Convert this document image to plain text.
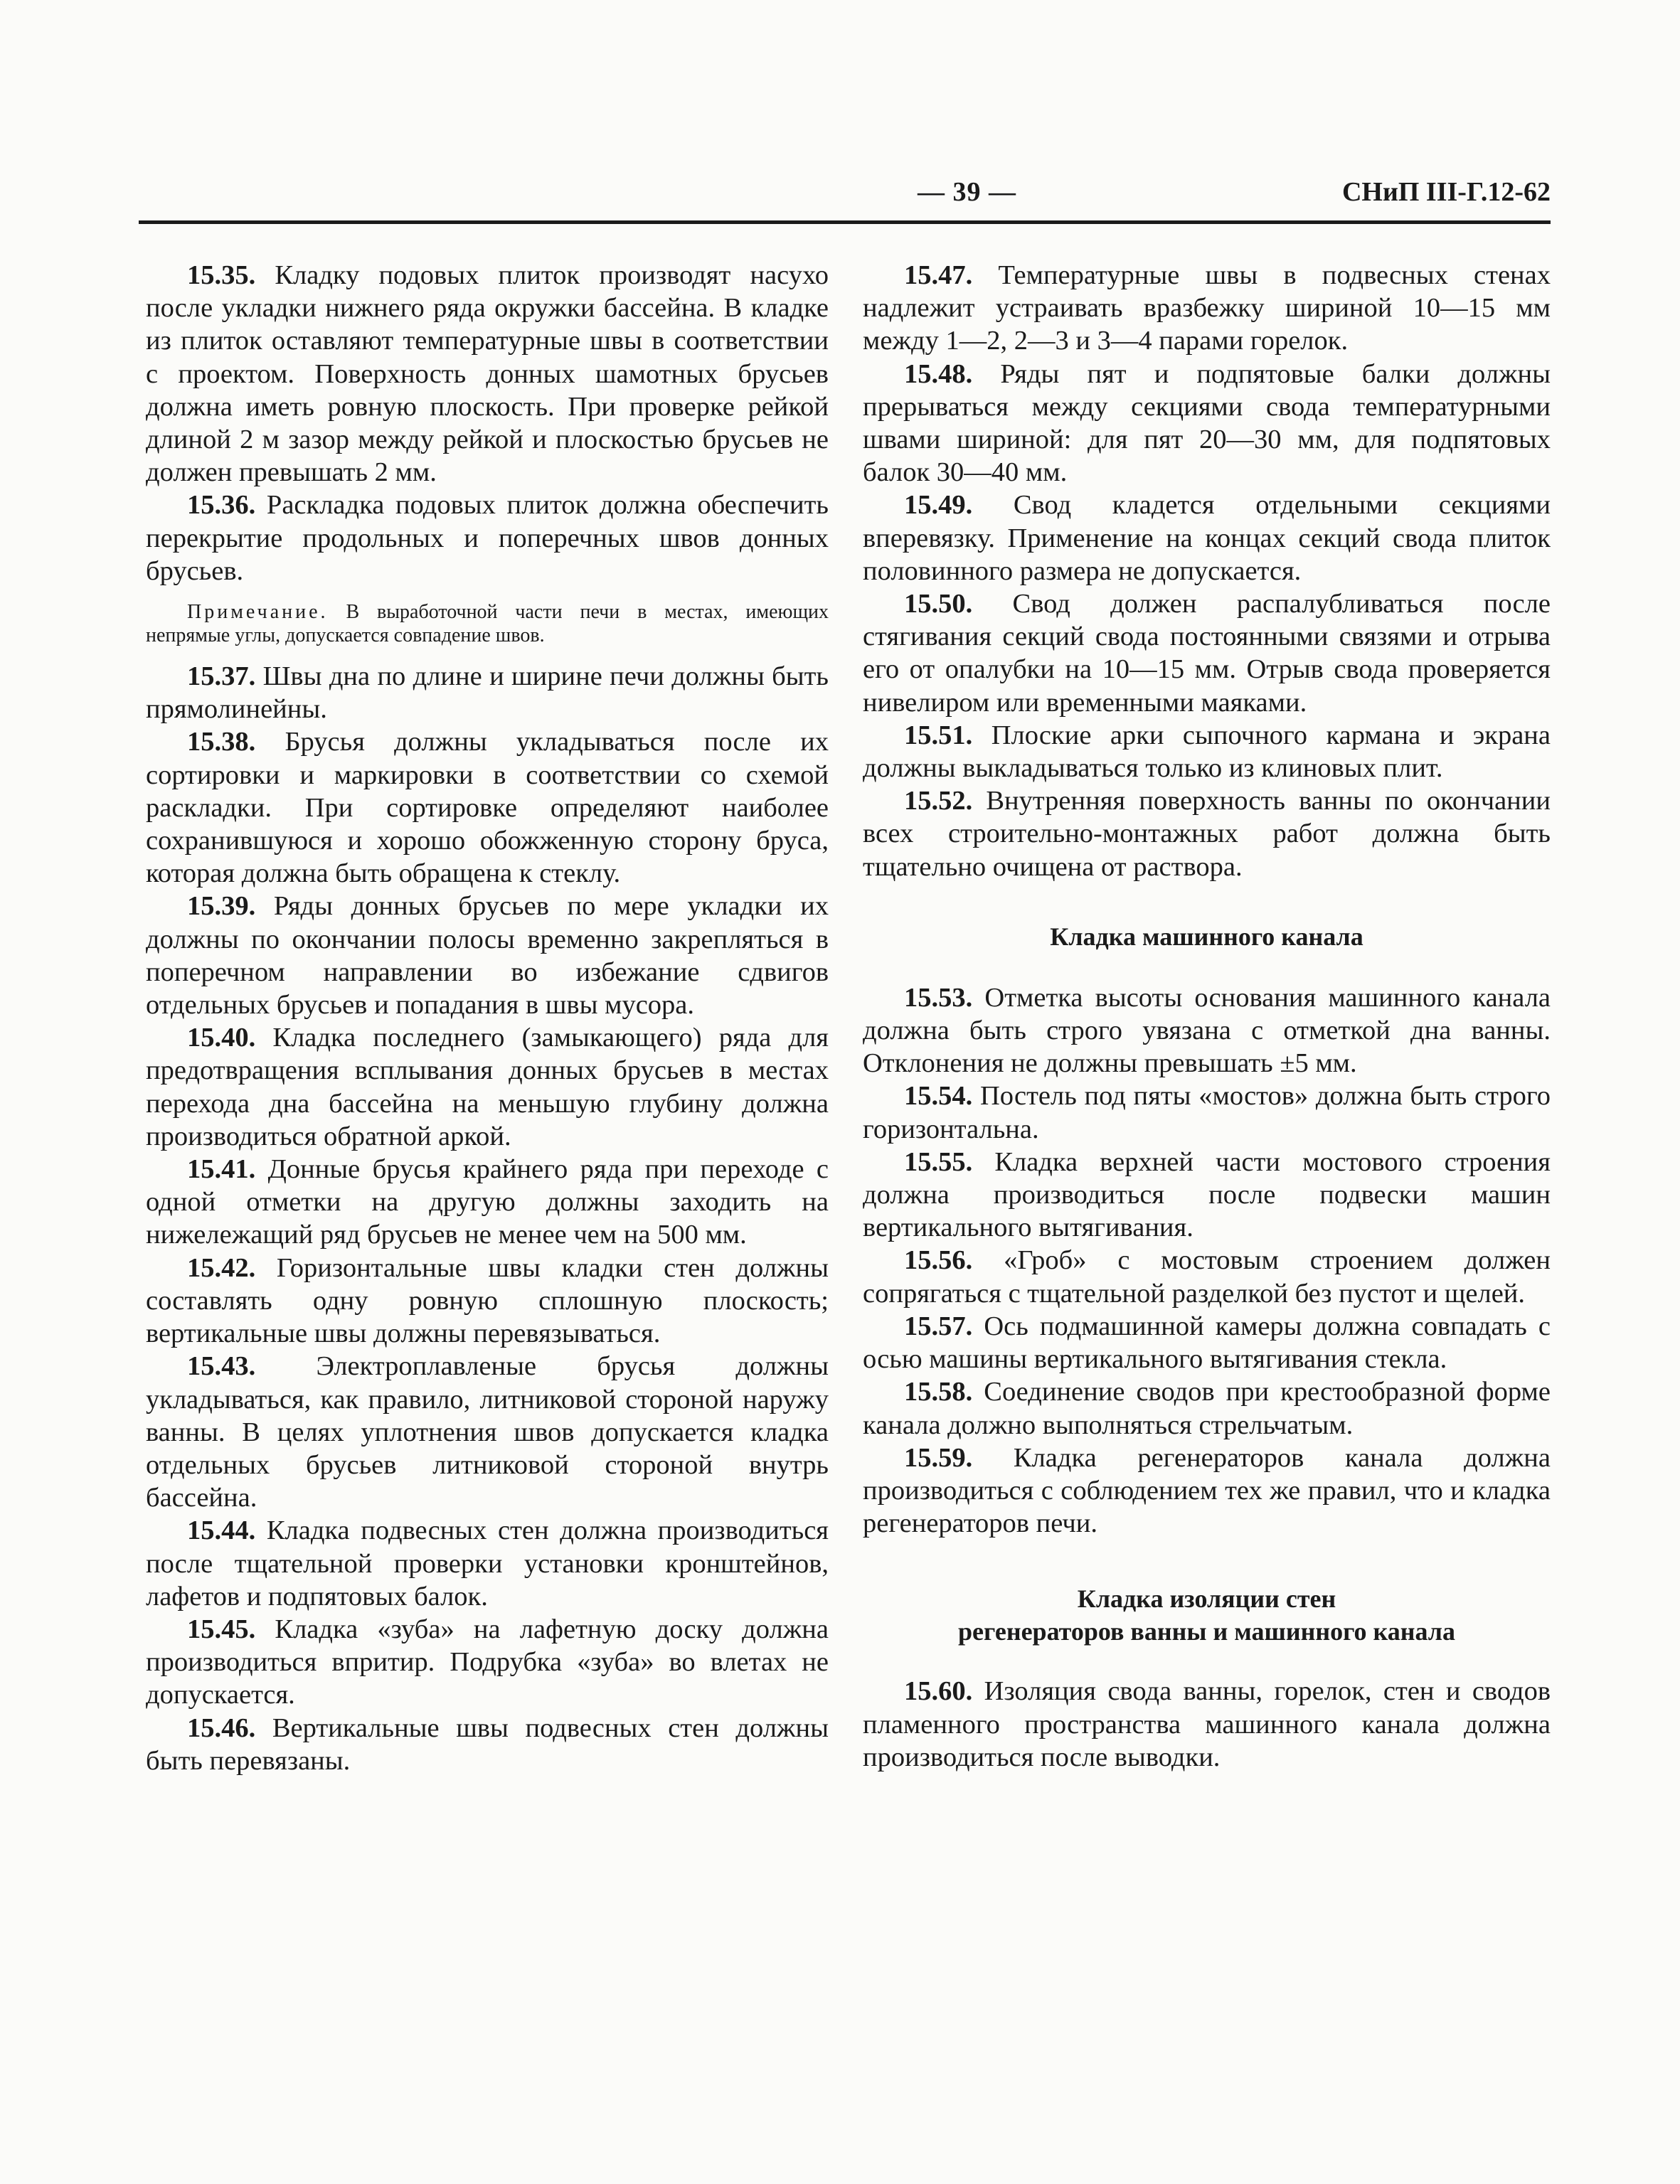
— 39 —	СНиП III-Г.12-62

15.35. Кладку подовых плиток производят насухо после укладки нижнего ряда окружки бассейна. В кладке из плиток оставляют температурные швы в соответствии с проектом. Поверхность донных шамотных брусьев должна иметь ровную плоскость. При проверке рейкой длиной 2 м зазор между рейкой и плоскостью брусьев не должен превышать 2 мм.

15.36. Раскладка подовых плиток должна обеспечить перекрытие продольных и поперечных швов донных брусьев.

Примечание. В выработочной части печи в местах, имеющих непрямые углы, допускается совпадение швов.

15.37. Швы дна по длине и ширине печи должны быть прямолинейны.

15.38. Брусья должны укладываться после их сортировки и маркировки в соответствии со схемой раскладки. При сортировке определяют наиболее сохранившуюся и хорошо обожженную сторону бруса, которая должна быть обращена к стеклу.

15.39. Ряды донных брусьев по мере укладки их должны по окончании полосы временно закрепляться в поперечном направлении во избежание сдвигов отдельных брусьев и попадания в швы мусора.

15.40. Кладка последнего (замыкающего) ряда для предотвращения всплывания донных брусьев в местах перехода дна бассейна на меньшую глубину должна производиться обратной аркой.

15.41. Донные брусья крайнего ряда при переходе с одной отметки на другую должны заходить на нижележащий ряд брусьев не менее чем на 500 мм.

15.42. Горизонтальные швы кладки стен должны составлять одну ровную сплошную плоскость; вертикальные швы должны перевязываться.

15.43. Электроплавленые брусья должны укладываться, как правило, литниковой стороной наружу ванны. В целях уплотнения швов допускается кладка отдельных брусьев литниковой стороной внутрь бассейна.

15.44. Кладка подвесных стен должна производиться после тщательной проверки установки кронштейнов, лафетов и подпятовых балок.

15.45. Кладка «зуба» на лафетную доску должна производиться впритир. Подрубка «зуба» во влетах не допускается.

15.46. Вертикальные швы подвесных стен должны быть перевязаны.

15.47. Температурные швы в подвесных стенах надлежит устраивать вразбежку шириной 10—15 мм между 1—2, 2—3 и 3—4 парами горелок.

15.48. Ряды пят и подпятовые балки должны прерываться между секциями свода температурными швами шириной: для пят 20—30 мм, для подпятовых балок 30—40 мм.

15.49. Свод кладется отдельными секциями вперевязку. Применение на концах секций свода плиток половинного размера не допускается.

15.50. Свод должен распалубливаться после стягивания секций свода постоянными связями и отрыва его от опалубки на 10—15 мм. Отрыв свода проверяется нивелиром или временными маяками.

15.51. Плоские арки сыпочного кармана и экрана должны выкладываться только из клиновых плит.

15.52. Внутренняя поверхность ванны по окончании всех строительно-монтажных работ должна быть тщательно очищена от раствора.

Кладка машинного канала

15.53. Отметка высоты основания машинного канала должна быть строго увязана с отметкой дна ванны. Отклонения не должны превышать ±5 мм.

15.54. Постель под пяты «мостов» должна быть строго горизонтальна.

15.55. Кладка верхней части мостового строения должна производиться после подвески машин вертикального вытягивания.

15.56. «Гроб» с мостовым строением должен сопрягаться с тщательной разделкой без пустот и щелей.

15.57. Ось подмашинной камеры должна совпадать с осью машины вертикального вытягивания стекла.

15.58. Соединение сводов при крестообразной форме канала должно выполняться стрельчатым.

15.59. Кладка регенераторов канала должна производиться с соблюдением тех же правил, что и кладка регенераторов печи.

Кладка изоляции стен
регенераторов ванны и машинного канала

15.60. Изоляция свода ванны, горелок, стен и сводов пламенного пространства машинного канала должна производиться после выводки.
